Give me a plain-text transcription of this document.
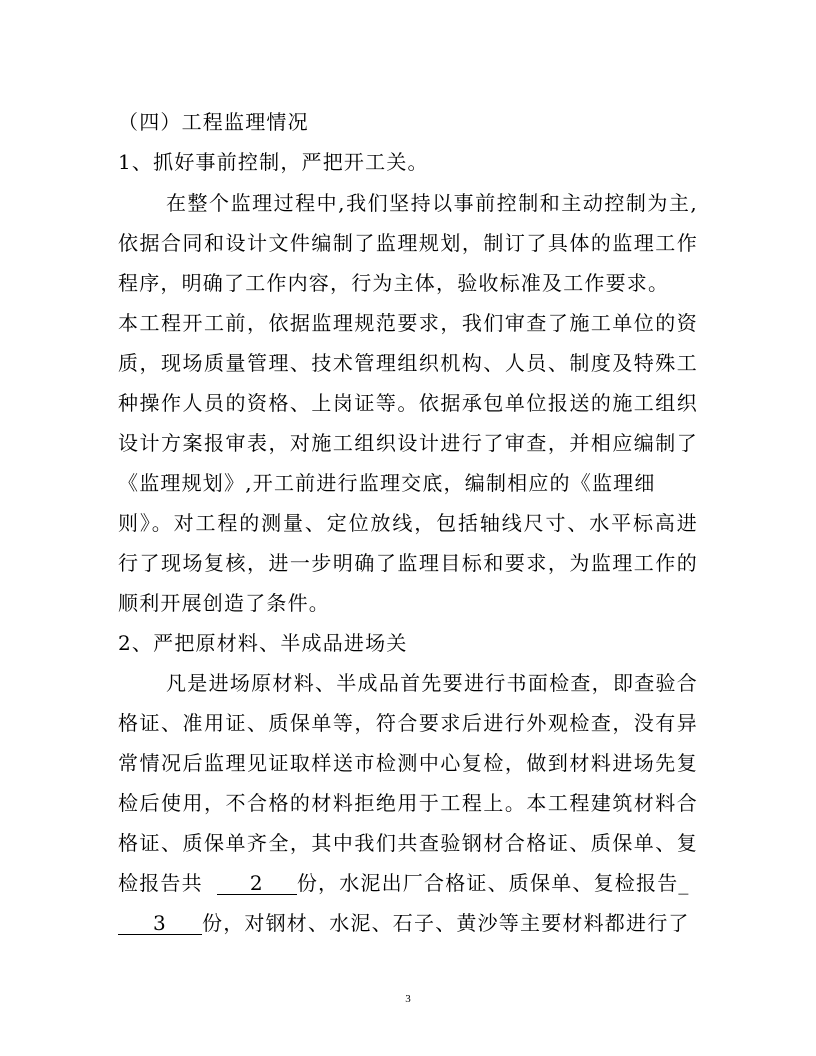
（四）工程监理情况
1、抓好事前控制，严把开工关。
在整个监理过程中,我们坚持以事前控制和主动控制为主,
依据合同和设计文件编制了监理规划，制订了具体的监理工作
程序，明确了工作内容，行为主体，验收标准及工作要求。
本工程开工前，依据监理规范要求，我们审查了施工单位的资
质，现场质量管理、技术管理组织机构、人员、制度及特殊工
种操作人员的资格、上岗证等。依据承包单位报送的施工组织
设计方案报审表，对施工组织设计进行了审查，并相应编制了
《监理规划》,开工前进行监理交底，编制相应的《监理细
则》。对工程的测量、定位放线，包括轴线尺寸、水平标高进
行了现场复核，进一步明确了监理目标和要求，为监理工作的
顺利开展创造了条件。
2、严把原材料、半成品进场关
凡是进场原材料、半成品首先要进行书面检查，即查验合
格证、准用证、质保单等，符合要求后进行外观检查，没有异
常情况后监理见证取样送市检测中心复检，做到材料进场先复
检后使用，不合格的材料拒绝用于工程上。本工程建筑材料合
格证、质保单齐全，其中我们共查验钢材合格证、质保单、复
检报告共 2 份，水泥出厂合格证、质保单、复检报告_
3 份，对钢材、水泥、石子、黄沙等主要材料都进行了
3
